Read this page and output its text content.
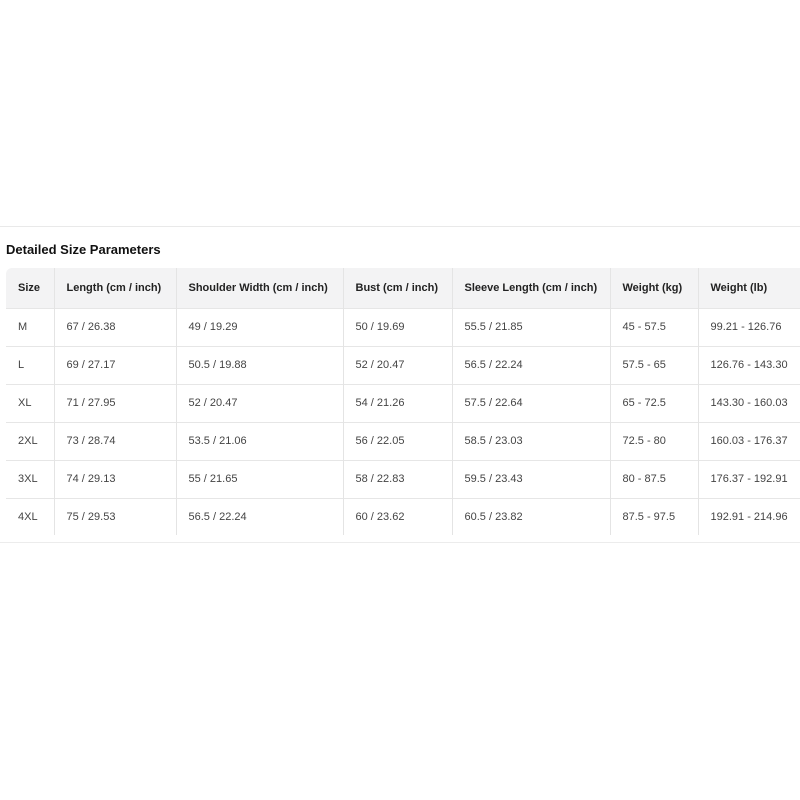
Detailed Size Parameters
Size	Length (cm / inch)	Shoulder Width (cm / inch)	Bust (cm / inch)	Sleeve Length (cm / inch)	Weight (kg)	Weight (lb)
M	67 / 26.38	49 / 19.29	50 / 19.69	55.5 / 21.85	45 - 57.5	99.21 - 126.76
L	69 / 27.17	50.5 / 19.88	52 / 20.47	56.5 / 22.24	57.5 - 65	126.76 - 143.30
XL	71 / 27.95	52 / 20.47	54 / 21.26	57.5 / 22.64	65 - 72.5	143.30 - 160.03
2XL	73 / 28.74	53.5 / 21.06	56 / 22.05	58.5 / 23.03	72.5 - 80	160.03 - 176.37
3XL	74 / 29.13	55 / 21.65	58 / 22.83	59.5 / 23.43	80 - 87.5	176.37 - 192.91
4XL	75 / 29.53	56.5 / 22.24	60 / 23.62	60.5 / 23.82	87.5 - 97.5	192.91 - 214.96
